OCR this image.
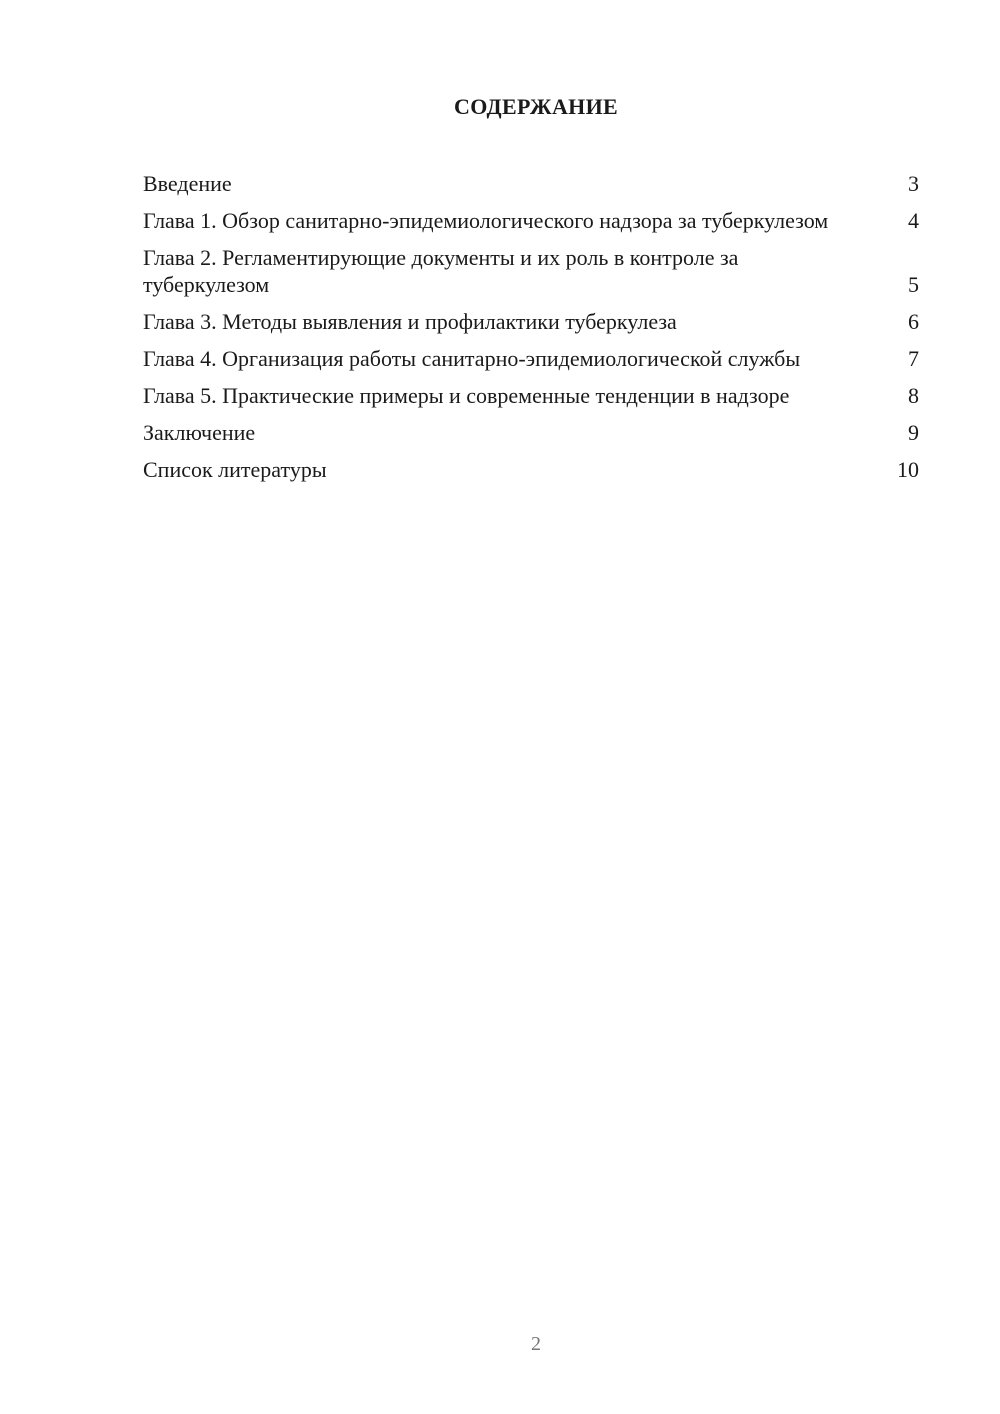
СОДЕРЖАНИЕ
Введение	3
Глава 1. Обзор санитарно-эпидемиологического надзора за туберкулезом	4
Глава 2. Регламентирующие документы и их роль в контроле за туберкулезом	5
Глава 3. Методы выявления и профилактики туберкулеза	6
Глава 4. Организация работы санитарно-эпидемиологической службы	7
Глава 5. Практические примеры и современные тенденции в надзоре	8
Заключение	9
Список литературы	10
2
